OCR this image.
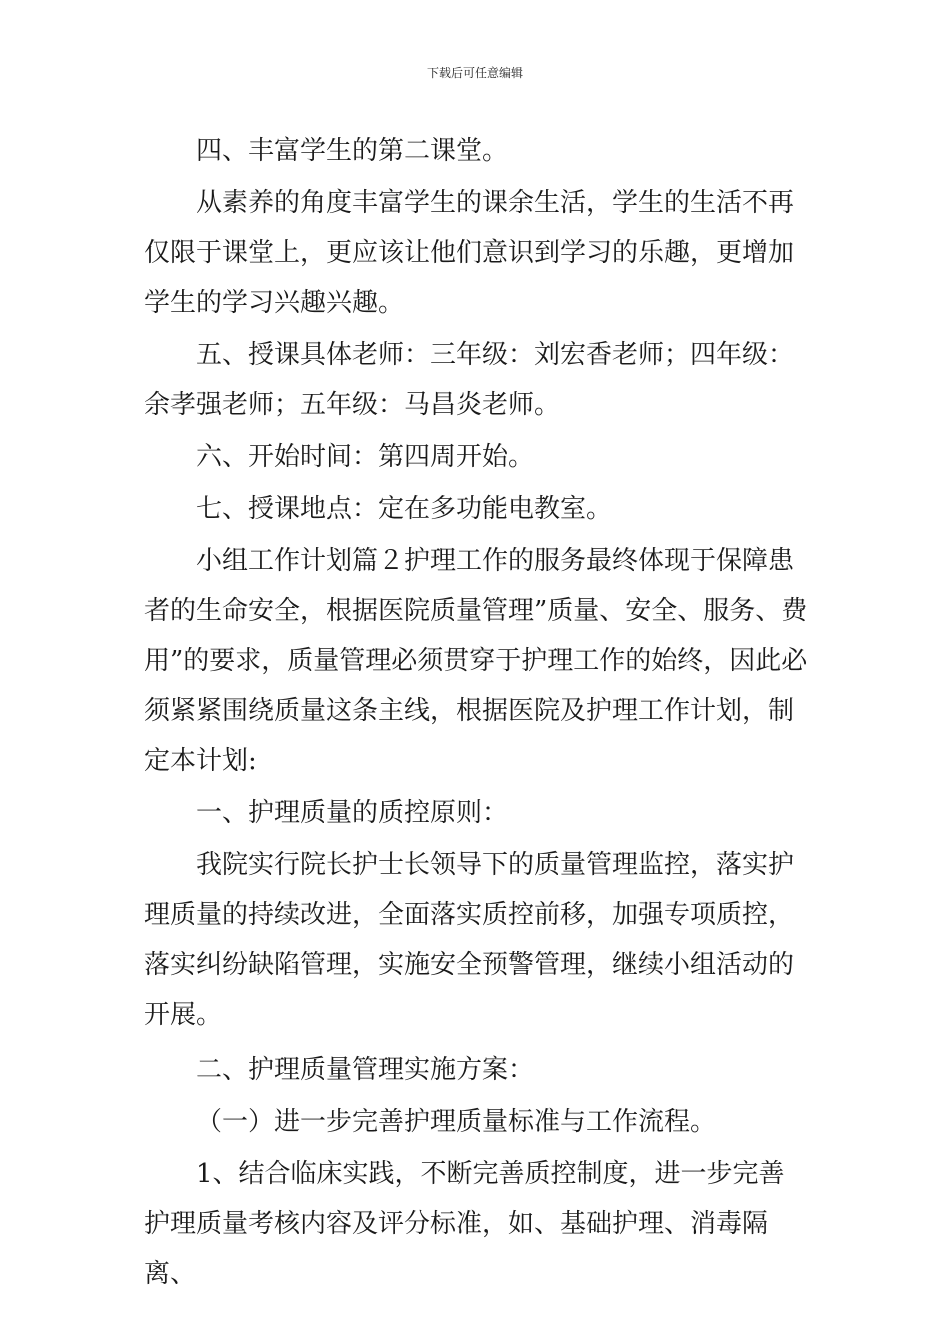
下载后可任意编辑

四、丰富学生的第二课堂。

从素养的角度丰富学生的课余生活，学生的生活不再仅限于课堂上，更应该让他们意识到学习的乐趣，更增加学生的学习兴趣兴趣。

五、授课具体老师：三年级：刘宏香老师；四年级：余孝强老师；五年级：马昌炎老师。

六、开始时间：第四周开始。

七、授课地点：定在多功能电教室。

小组工作计划篇２护理工作的服务最终体现于保障患者的生命安全，根据医院质量管理”质量、安全、服务、费用”的要求，质量管理必须贯穿于护理工作的始终，因此必须紧紧围绕质量这条主线，根据医院及护理工作计划，制定本计划:

一、护理质量的质控原则：

我院实行院长护士长领导下的质量管理监控，落实护理质量的持续改进，全面落实质控前移，加强专项质控，落实纠纷缺陷管理，实施安全预警管理，继续小组活动的开展。

二、护理质量管理实施方案：

（一）进一步完善护理质量标准与工作流程。

1、结合临床实践，不断完善质控制度，进一步完善护理质量考核内容及评分标准，如、基础护理、消毒隔离、
